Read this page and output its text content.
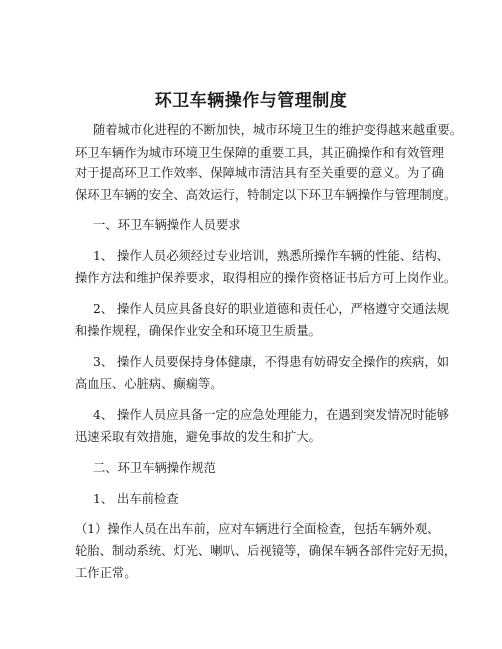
环卫车辆操作与管理制度
随着城市化进程的不断加快，城市环境卫生的维护变得越来越重要。
环卫车辆作为城市环境卫生保障的重要工具，其正确操作和有效管理
对于提高环卫工作效率、保障城市清洁具有至关重要的意义。为了确
保环卫车辆的安全、高效运行，特制定以下环卫车辆操作与管理制度。
一、环卫车辆操作人员要求
1、 操作人员必须经过专业培训，熟悉所操作车辆的性能、结构、
操作方法和维护保养要求，取得相应的操作资格证书后方可上岗作业。
2、 操作人员应具备良好的职业道德和责任心，严格遵守交通法规
和操作规程，确保作业安全和环境卫生质量。
3、 操作人员要保持身体健康，不得患有妨碍安全操作的疾病，如
高血压、心脏病、癫痫等。
4、 操作人员应具备一定的应急处理能力，在遇到突发情况时能够
迅速采取有效措施，避免事故的发生和扩大。
二、环卫车辆操作规范
1、 出车前检查
（1）操作人员在出车前，应对车辆进行全面检查，包括车辆外观、
轮胎、制动系统、灯光、喇叭、后视镜等，确保车辆各部件完好无损，
工作正常。
